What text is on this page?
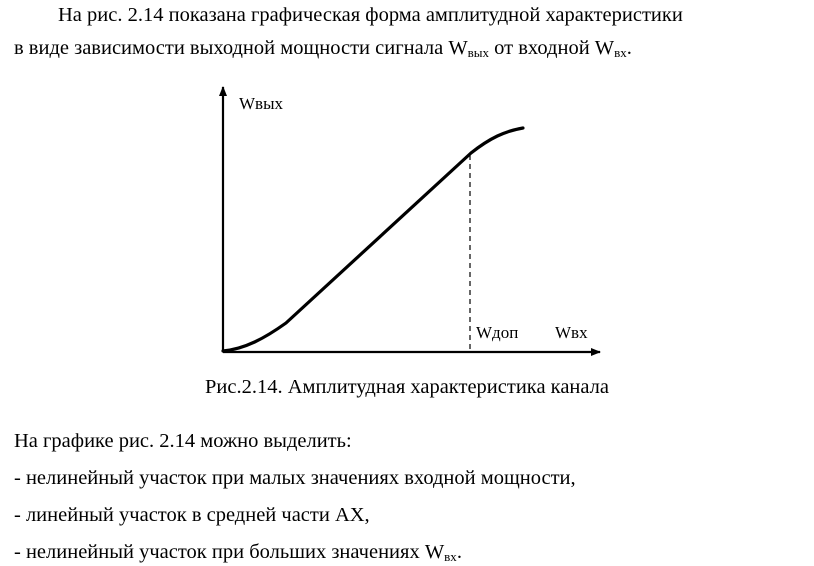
На рис. 2.14 показана графическая форма амплитудной характеристики
в виде зависимости выходной мощности сигнала $W_{вых}$ от входной $W_{вх}$.
Wвых
Wдоп Wвх
Рис.2.14. Амплитудная характеристика канала
На графике рис. 2.14 можно выделить:
- нелинейный участок при малых значениях входной мощности,
- линейный участок в средней части АХ,
- нелинейный участок при больших значениях $W_{вх}$.
